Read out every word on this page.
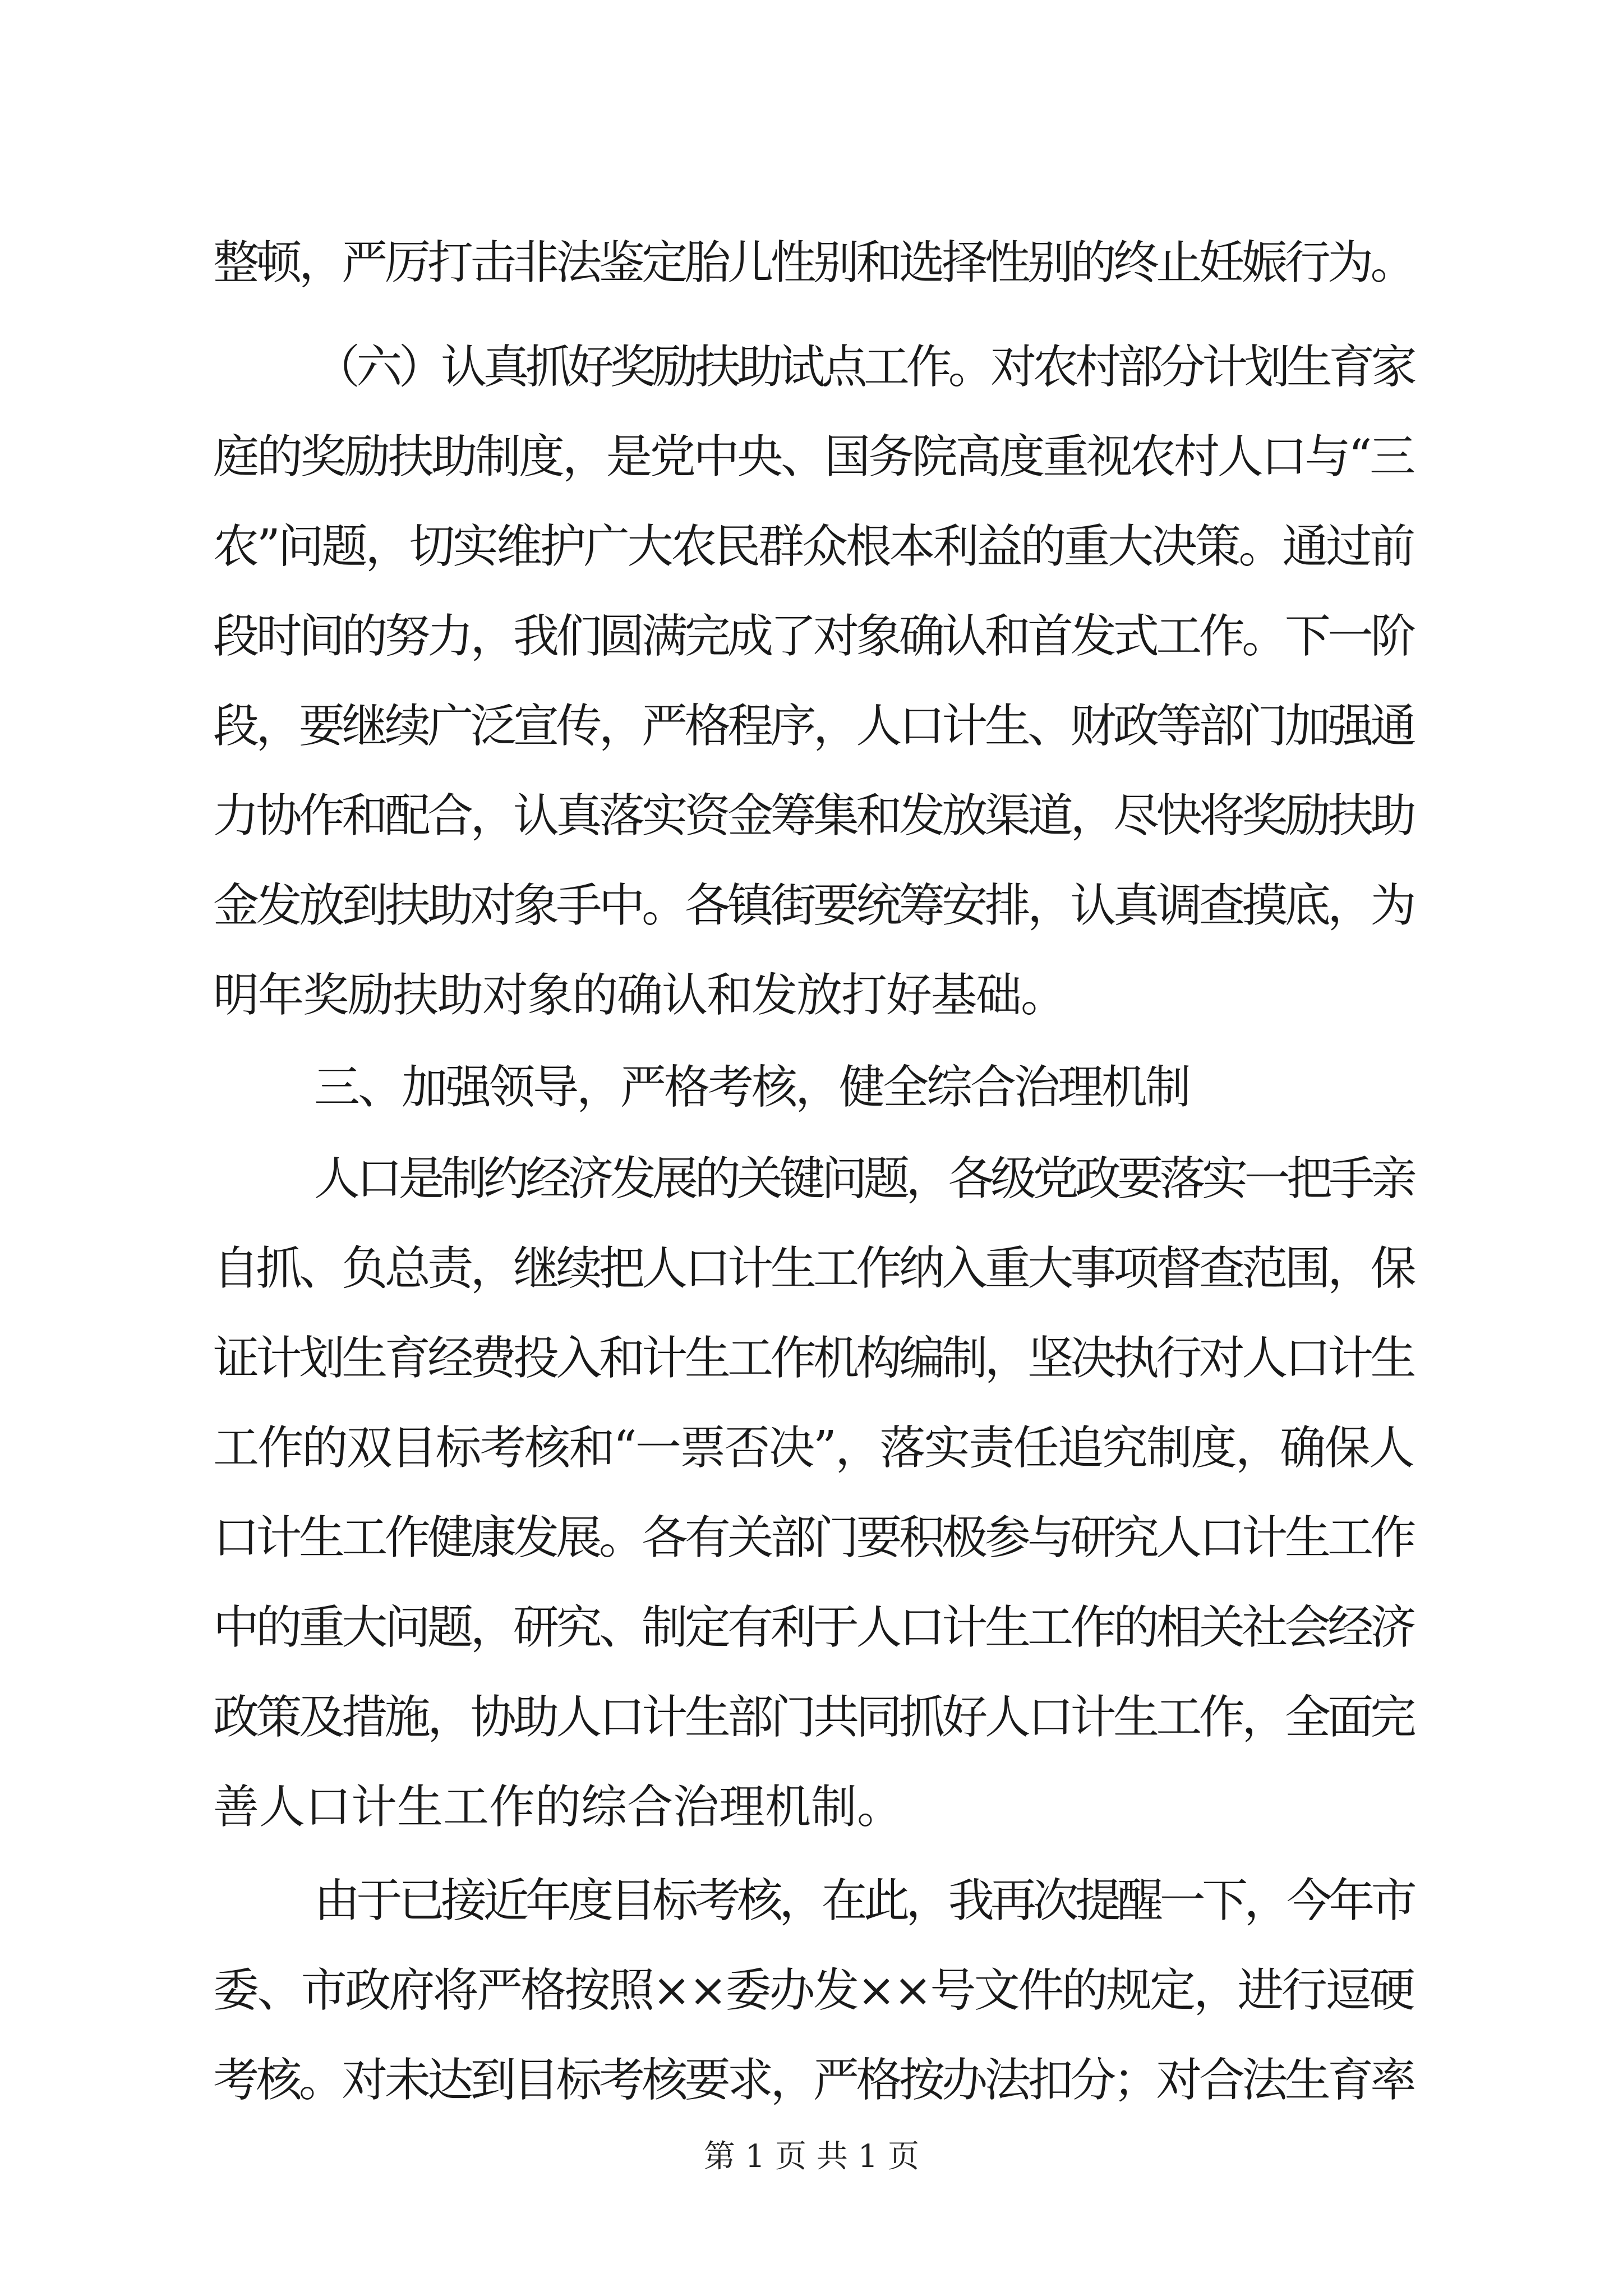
整顿，严厉打击非法鉴定胎儿性别和选择性别的终止妊娠行为。
（六）认真抓好奖励扶助试点工作。对农村部分计划生育家
庭的奖励扶助制度，是党中央、国务院高度重视农村人口与“三
农”问题，切实维护广大农民群众根本利益的重大决策。通过前
段时间的努力，我们圆满完成了对象确认和首发式工作。下一阶
段，要继续广泛宣传，严格程序，人口计生、财政等部门加强通
力协作和配合，认真落实资金筹集和发放渠道，尽快将奖励扶助
金发放到扶助对象手中。各镇街要统筹安排，认真调查摸底，为
明年奖励扶助对象的确认和发放打好基础。
三、加强领导，严格考核，健全综合治理机制
人口是制约经济发展的关键问题，各级党政要落实一把手亲
自抓、负总责，继续把人口计生工作纳入重大事项督查范围，保
证计划生育经费投入和计生工作机构编制，坚决执行对人口计生
工作的双目标考核和“一票否决”，落实责任追究制度，确保人
口计生工作健康发展。各有关部门要积极参与研究人口计生工作
中的重大问题，研究、制定有利于人口计生工作的相关社会经济
政策及措施，协助人口计生部门共同抓好人口计生工作，全面完
善人口计生工作的综合治理机制。
由于已接近年度目标考核，在此，我再次提醒一下，今年市
委、市政府将严格按照××委办发××号文件的规定，进行逗硬
考核。对未达到目标考核要求，严格按办法扣分；对合法生育率
第 1 页 共 1 页
